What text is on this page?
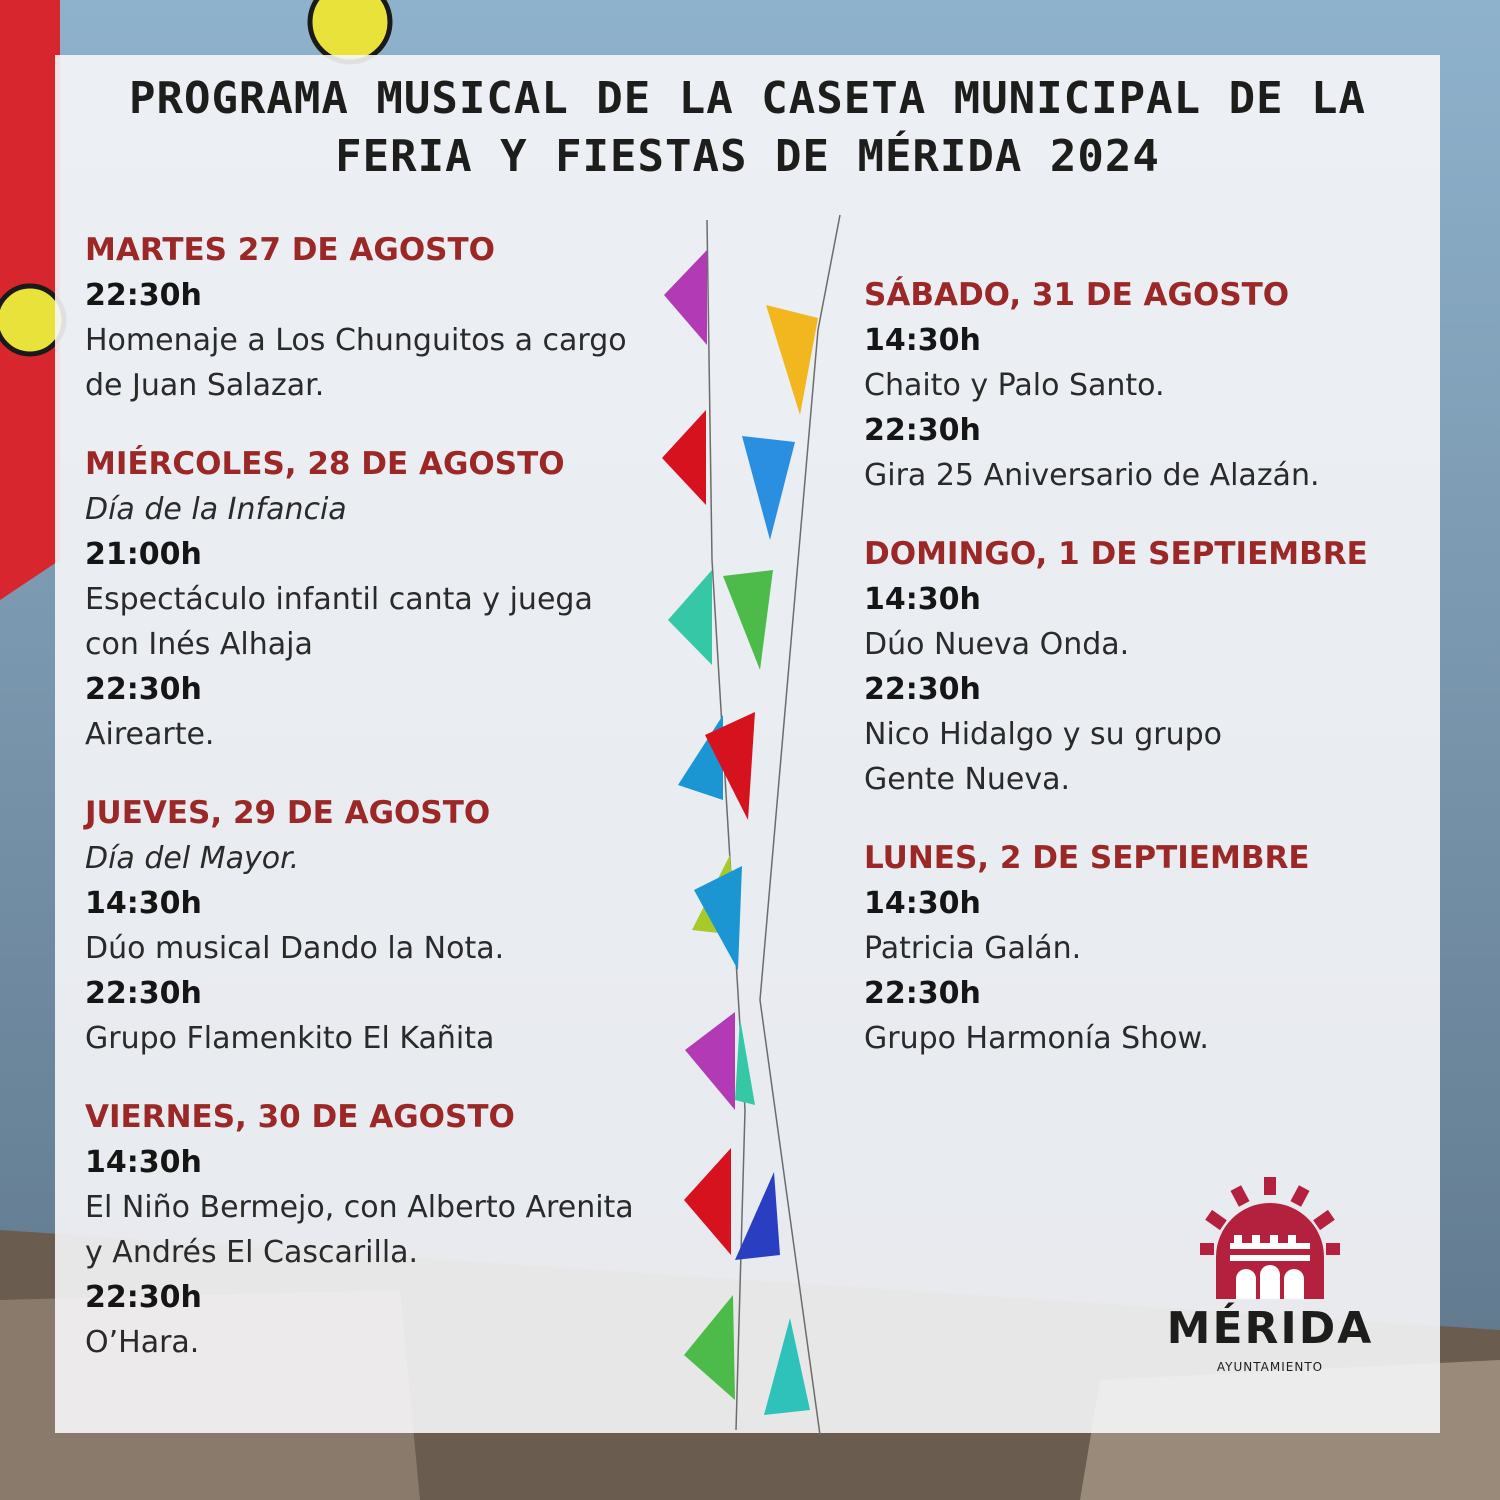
PROGRAMA MUSICAL DE LA CASETA MUNICIPAL DE LA
FERIA Y FIESTAS DE MÉRIDA 2024

MARTES 27 DE AGOSTO

22:30h

Homenaje a Los Chunguitos a cargo

de Juan Salazar.

MIÉRCOLES, 28 DE AGOSTO

Día de la Infancia

21:00h

Espectáculo infantil canta y juega

con Inés Alhaja

22:30h

Airearte.

JUEVES, 29 DE AGOSTO

Día del Mayor.

14:30h

Dúo musical Dando la Nota.

22:30h

Grupo Flamenkito El Kañita

VIERNES, 30 DE AGOSTO

14:30h

El Niño Bermejo, con Alberto Arenita

y Andrés El Cascarilla.

22:30h

O’Hara.

SÁBADO, 31 DE AGOSTO

14:30h

Chaito y Palo Santo.

22:30h

Gira 25 Aniversario de Alazán.

DOMINGO, 1 DE SEPTIEMBRE

14:30h

Dúo Nueva Onda.

22:30h

Nico Hidalgo y su grupo

Gente Nueva.

LUNES, 2 DE SEPTIEMBRE

14:30h

Patricia Galán.

22:30h

Grupo Harmonía Show.

MÉRIDA
AYUNTAMIENTO
